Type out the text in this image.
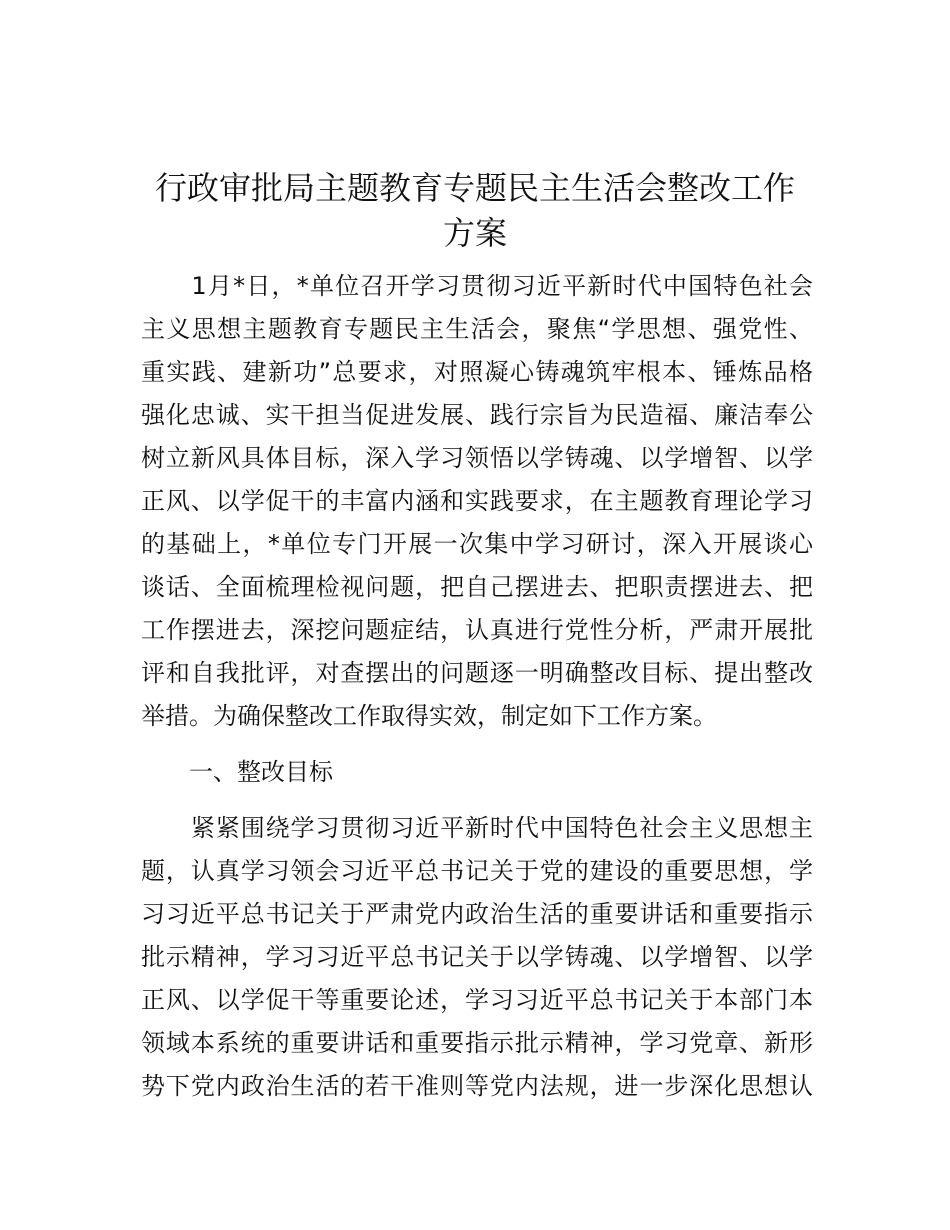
行政审批局主题教育专题民主生活会整改工作
方案
　　1月*日，*单位召开学习贯彻习近平新时代中国特色社会
主义思想主题教育专题民主生活会，聚焦“学思想、强党性、
重实践、建新功”总要求，对照凝心铸魂筑牢根本、锤炼品格
强化忠诚、实干担当促进发展、践行宗旨为民造福、廉洁奉公
树立新风具体目标，深入学习领悟以学铸魂、以学增智、以学
正风、以学促干的丰富内涵和实践要求，在主题教育理论学习
的基础上，*单位专门开展一次集中学习研讨，深入开展谈心
谈话、全面梳理检视问题，把自己摆进去、把职责摆进去、把
工作摆进去，深挖问题症结，认真进行党性分析，严肃开展批
评和自我批评，对查摆出的问题逐一明确整改目标、提出整改
举措。为确保整改工作取得实效，制定如下工作方案。
　　一、整改目标
　　紧紧围绕学习贯彻习近平新时代中国特色社会主义思想主
题，认真学习领会习近平总书记关于党的建设的重要思想，学
习习近平总书记关于严肃党内政治生活的重要讲话和重要指示
批示精神，学习习近平总书记关于以学铸魂、以学增智、以学
正风、以学促干等重要论述，学习习近平总书记关于本部门本
领域本系统的重要讲话和重要指示批示精神，学习党章、新形
势下党内政治生活的若干准则等党内法规，进一步深化思想认
